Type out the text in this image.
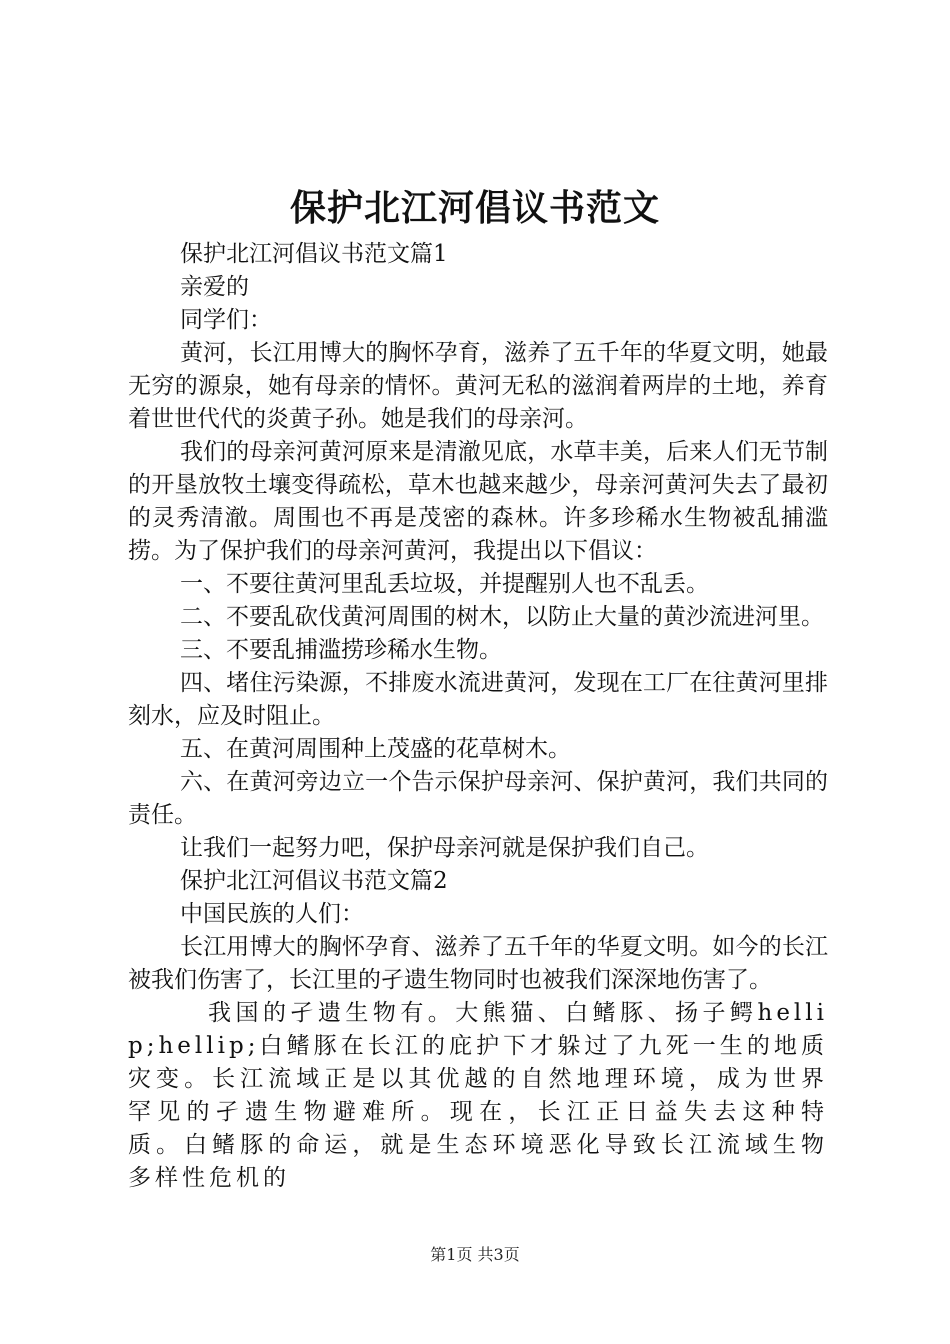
保护北江河倡议书范文

保护北江河倡议书范文篇1

亲爱的

同学们：

黄河，长江用博大的胸怀孕育，滋养了五千年的华夏文明，她最无穷的源泉，她有母亲的情怀。黄河无私的滋润着两岸的土地，养育着世世代代的炎黄子孙。她是我们的母亲河。

我们的母亲河黄河原来是清澈见底，水草丰美，后来人们无节制的开垦放牧土壤变得疏松，草木也越来越少，母亲河黄河失去了最初的灵秀清澈。周围也不再是茂密的森林。许多珍稀水生物被乱捕滥捞。为了保护我们的母亲河黄河，我提出以下倡议：

一、不要往黄河里乱丢垃圾，并提醒别人也不乱丢。

二、不要乱砍伐黄河周围的树木，以防止大量的黄沙流进河里。

三、不要乱捕滥捞珍稀水生物。

四、堵住污染源，不排废水流进黄河，发现在工厂在往黄河里排刻水，应及时阻止。

五、在黄河周围种上茂盛的花草树木。

六、在黄河旁边立一个告示保护母亲河、保护黄河，我们共同的责任。

让我们一起努力吧，保护母亲河就是保护我们自己。

保护北江河倡议书范文篇2

中国民族的人们：

长江用博大的胸怀孕育、滋养了五千年的华夏文明。如今的长江被我们伤害了，长江里的孑遗生物同时也被我们深深地伤害了。

我国的孑遗生物有。大熊猫、白鳍豚、扬子鳄hellip;hellip;白鳍豚在长江的庇护下才躲过了九死一生的地质灾变。长江流域正是以其优越的自然地理环境，成为世界罕见的孑遗生物避难所。现在，长江正日益失去这种特质。白鳍豚的命运，就是生态环境恶化导致长江流域生物多样性危机的

第1页 共3页
